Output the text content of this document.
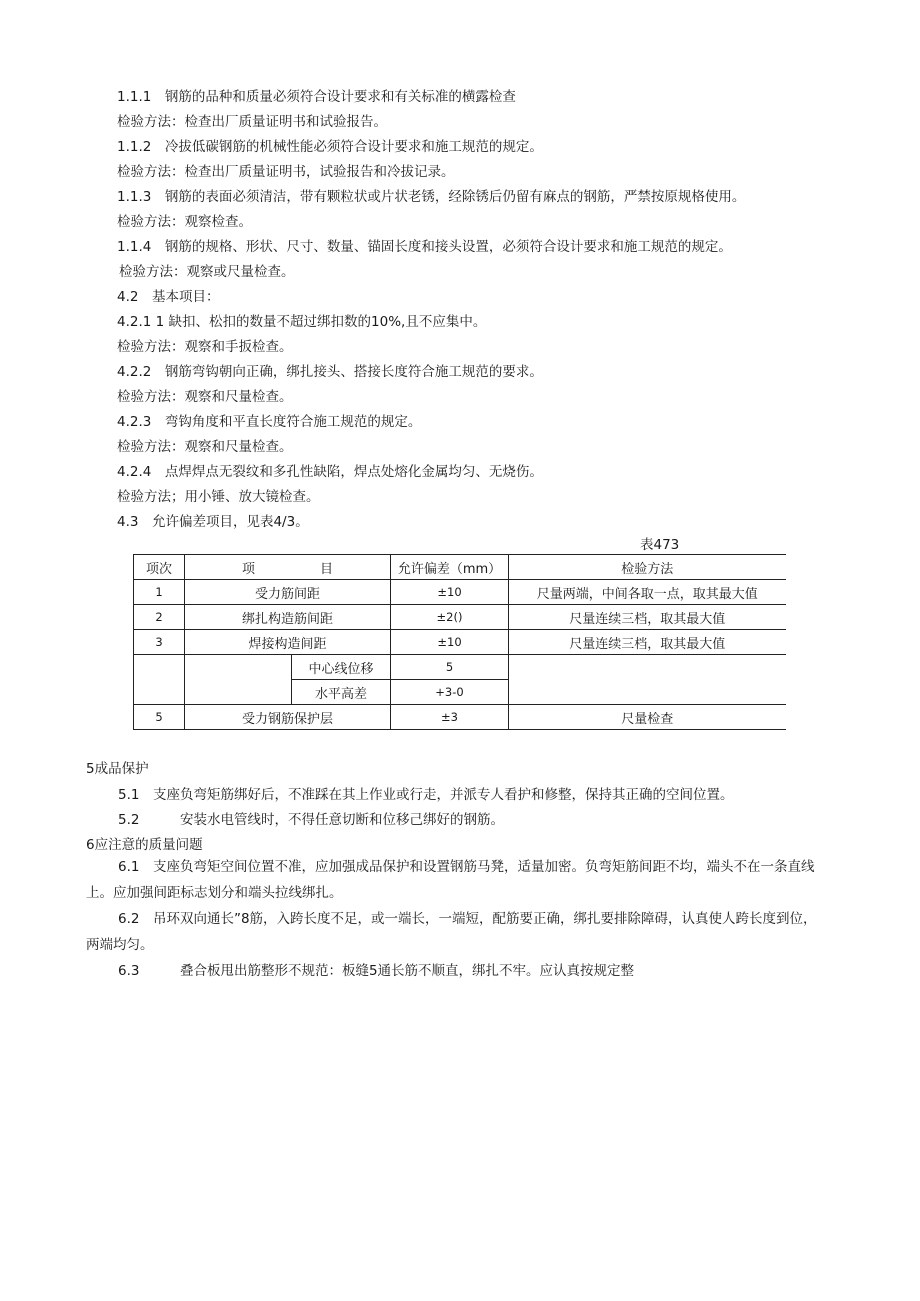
1.1.1　钢筋的品种和质量必须符合设计要求和有关标准的横露检查
检验方法：检查出厂质量证明书和试验报告。
1.1.2　冷拔低碳钢筋的机械性能必须符合设计要求和施工规范的规定。
检验方法：检查出厂质量证明书，试验报告和冷拔记录。
1.1.3　钢筋的表面必须清洁，带有颗粒状或片状老锈，经除锈后仍留有麻点的钢筋，严禁按原规格使用。
检验方法：观察检查。
1.1.4　钢筋的规格、形状、尺寸、数量、锚固长度和接头设置，必须符合设计要求和施工规范的规定。
检验方法：观察或尺量检查。
4.2　基本项目：
4.2.1 1 缺扣、松扣的数量不超过绑扣数的10%,且不应集中。
检验方法：观察和手扳检查。
4.2.2　钢筋弯钩朝向正确，绑扎接头、搭接长度符合施工规范的要求。
检验方法：观察和尺量检查。
4.2.3　弯钩角度和平直长度符合施工规范的规定。
检验方法：观察和尺量检查。
4.2.4　点焊焊点无裂纹和多孔性缺陷，焊点处熔化金属均匀、无烧伤。
检验方法；用小锤、放大镜检查。
4.3　允许偏差项目，见表4/3。
表473
项次	项　　　　　目		允许偏差（mm）	检验方法
1	受力筋间距		±10	尺量两端，中间各取一点，取其最大值
2	绑扎构造筋间距		±2()	尺量连续三档，取其最大值
3	焊接构造间距		±10	尺量连续三档，取其最大值
		中心线位移	5	
		水平高差	+3-0	
5	受力钢筋保护层		±3	尺量检查
5成品保护
5.1　支座负弯矩筋绑好后，不准踩在其上作业或行走，并派专人看护和修整，保持其正确的空间位置。
5.2　　　安装水电管线时，不得任意切断和位移己绑好的钢筋。
6应注意的质量问题
6.1　支座负弯矩空间位置不准，应加强成品保护和设置钢筋马凳，适量加密。负弯矩筋间距不均，端头不在一条直线上。应加强间距标志划分和端头拉线绑扎。
6.2　吊环双向通长”8筋，入跨长度不足，或一端长，一端短，配筋要正确，绑扎要排除障碍，认真使人跨长度到位，两端均匀。
6.3　　　叠合板甩出筋整形不规范：板缝5通长筋不顺直，绑扎不牢。应认真按规定整
